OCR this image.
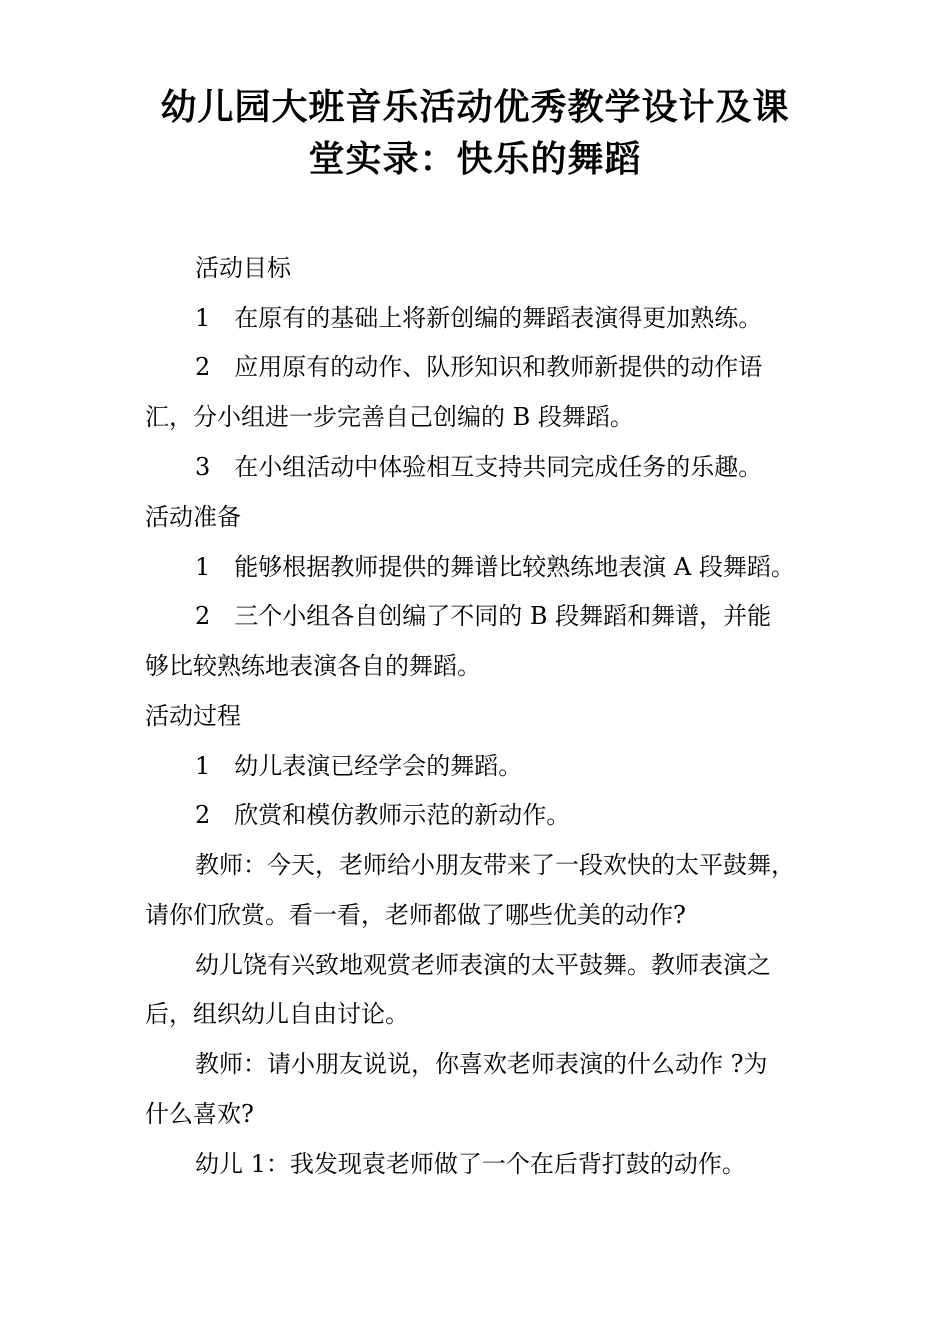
幼儿园大班音乐活动优秀教学设计及课
堂实录：快乐的舞蹈
活动目标
1　在原有的基础上将新创编的舞蹈表演得更加熟练。
2　应用原有的动作、队形知识和教师新提供的动作语
汇，分小组进一步完善自己创编的 B 段舞蹈。
3　在小组活动中体验相互支持共同完成任务的乐趣。
活动准备
1　能够根据教师提供的舞谱比较熟练地表演 A 段舞蹈。
2　三个小组各自创编了不同的 B 段舞蹈和舞谱，并能
够比较熟练地表演各自的舞蹈。
活动过程
1　幼儿表演已经学会的舞蹈。
2　欣赏和模仿教师示范的新动作。
教师：今天，老师给小朋友带来了一段欢快的太平鼓舞，
请你们欣赏。看一看，老师都做了哪些优美的动作?
幼儿饶有兴致地观赏老师表演的太平鼓舞。教师表演之
后，组织幼儿自由讨论。
教师：请小朋友说说，你喜欢老师表演的什么动作 ?为
什么喜欢?
幼儿 1：我发现袁老师做了一个在后背打鼓的动作。
